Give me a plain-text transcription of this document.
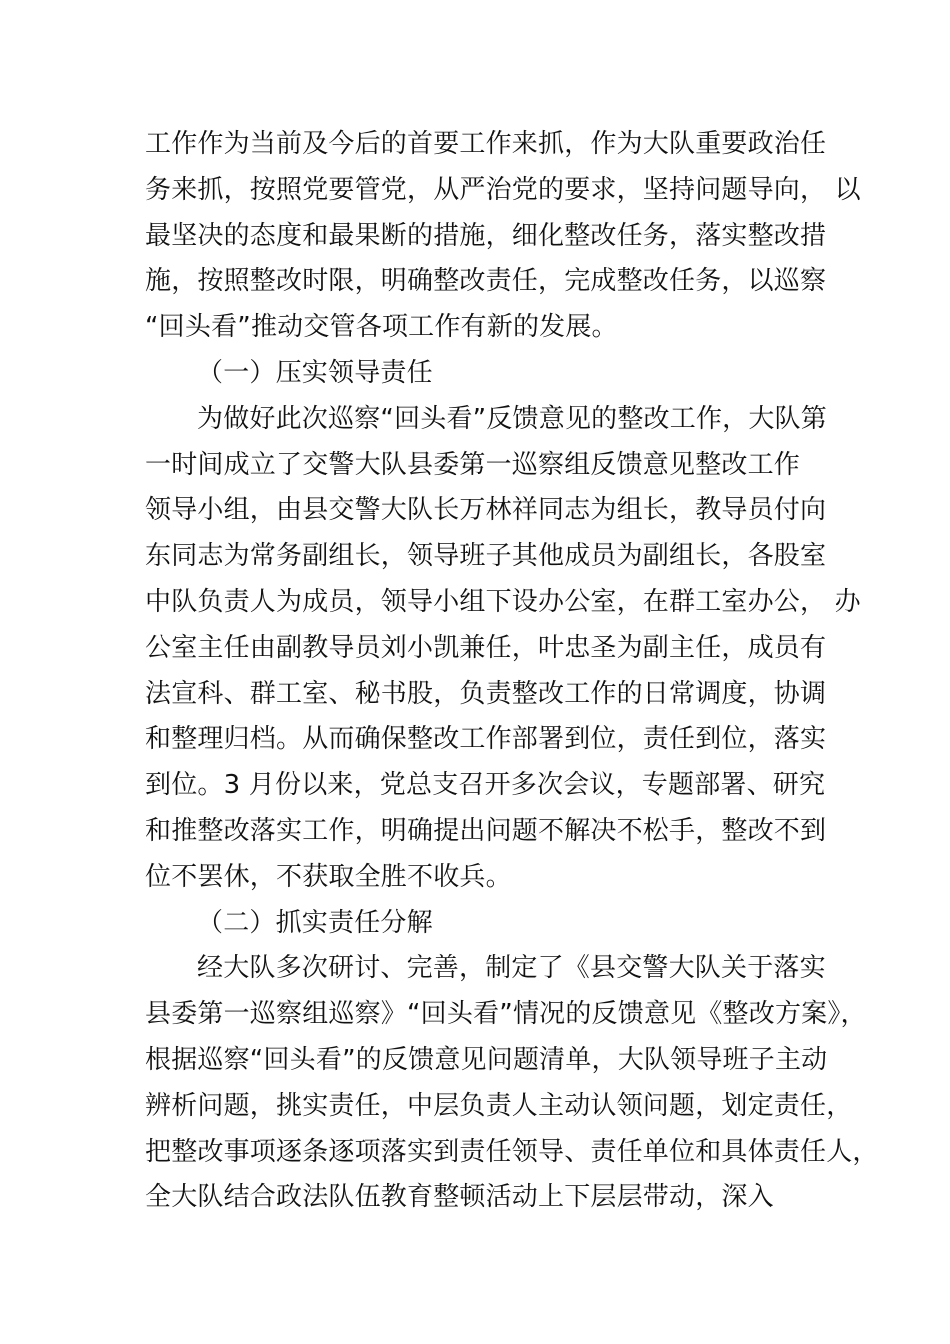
工作作为当前及今后的首要工作来抓，作为大队重要政治任
务来抓，按照党要管党，从严治党的要求，坚持问题导向， 以
最坚决的态度和最果断的措施，细化整改任务，落实整改措
施，按照整改时限，明确整改责任，完成整改任务，以巡察
“回头看”推动交管各项工作有新的发展。
（一）压实领导责任
为做好此次巡察“回头看”反馈意见的整改工作，大队第
一时间成立了交警大队县委第一巡察组反馈意见整改工作
领导小组，由县交警大队长万林祥同志为组长，教导员付向
东同志为常务副组长，领导班子其他成员为副组长，各股室
中队负责人为成员，领导小组下设办公室，在群工室办公， 办
公室主任由副教导员刘小凯兼任，叶忠圣为副主任，成员有
法宣科、群工室、秘书股，负责整改工作的日常调度，协调
和整理归档。从而确保整改工作部署到位，责任到位，落实
到位。3 月份以来，党总支召开多次会议，专题部署、研究
和推整改落实工作，明确提出问题不解决不松手，整改不到
位不罢休，不获取全胜不收兵。
（二）抓实责任分解
经大队多次研讨、完善，制定了《县交警大队关于落实
县委第一巡察组巡察》“回头看”情况的反馈意见《整改方案》，
根据巡察“回头看”的反馈意见问题清单，大队领导班子主动
辨析问题，挑实责任，中层负责人主动认领问题，划定责任，
把整改事项逐条逐项落实到责任领导、责任单位和具体责任人，
全大队结合政法队伍教育整顿活动上下层层带动，深入
